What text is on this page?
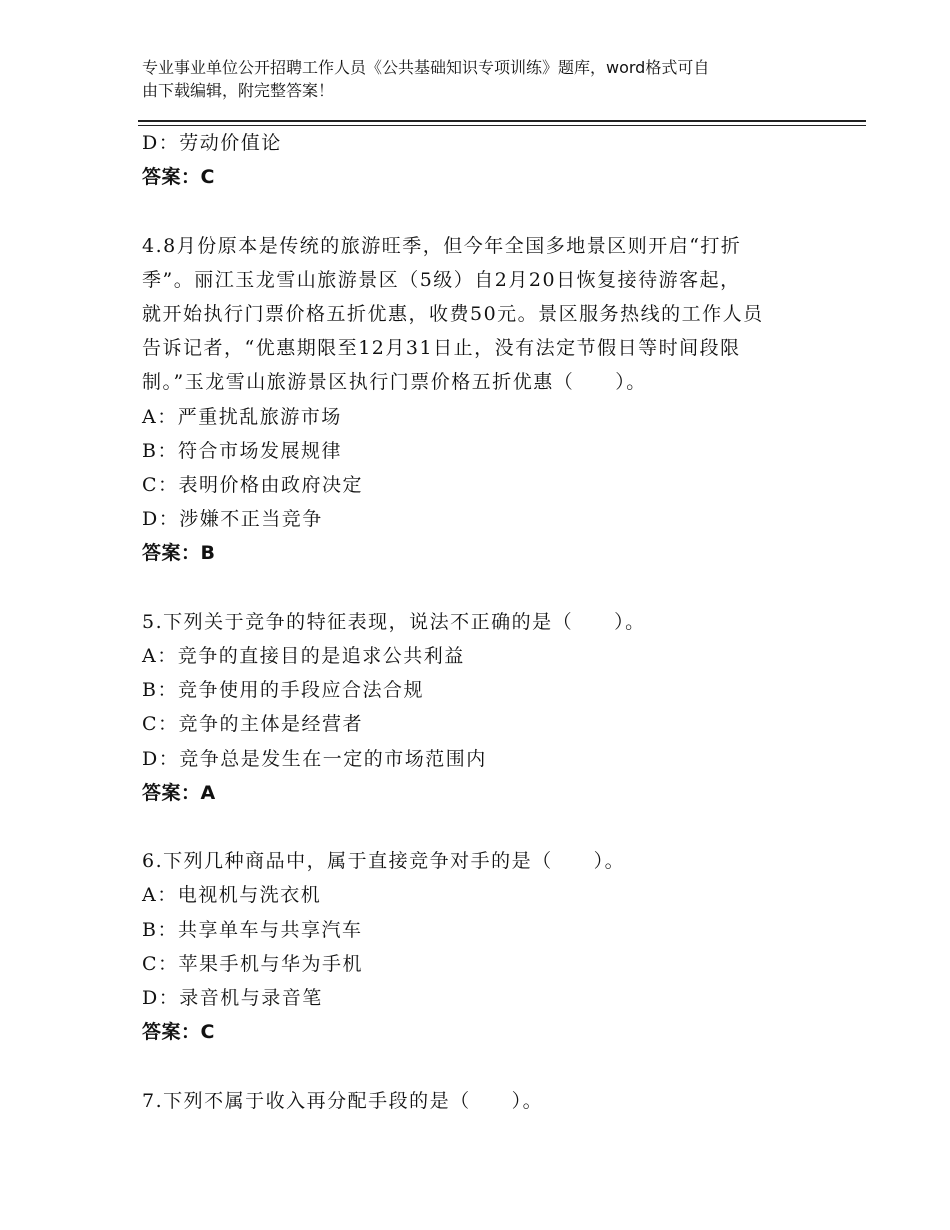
专业事业单位公开招聘工作人员《公共基础知识专项训练》题库，word格式可自
由下载编辑，附完整答案！
D：劳动价值论
答案：C
4.8月份原本是传统的旅游旺季，但今年全国多地景区则开启“打折
季”。丽江玉龙雪山旅游景区（5级）自2月20日恢复接待游客起，
就开始执行门票价格五折优惠，收费50元。景区服务热线的工作人员
告诉记者，“优惠期限至12月31日止，没有法定节假日等时间段限
制。”玉龙雪山旅游景区执行门票价格五折优惠（　　）。
A：严重扰乱旅游市场
B：符合市场发展规律
C：表明价格由政府决定
D：涉嫌不正当竞争
答案：B
5.下列关于竞争的特征表现，说法不正确的是（　　）。
A：竞争的直接目的是追求公共利益
B：竞争使用的手段应合法合规
C：竞争的主体是经营者
D：竞争总是发生在一定的市场范围内
答案：A
6.下列几种商品中，属于直接竞争对手的是（　　）。
A：电视机与洗衣机
B：共享单车与共享汽车
C：苹果手机与华为手机
D：录音机与录音笔
答案：C
7.下列不属于收入再分配手段的是（　　）。
